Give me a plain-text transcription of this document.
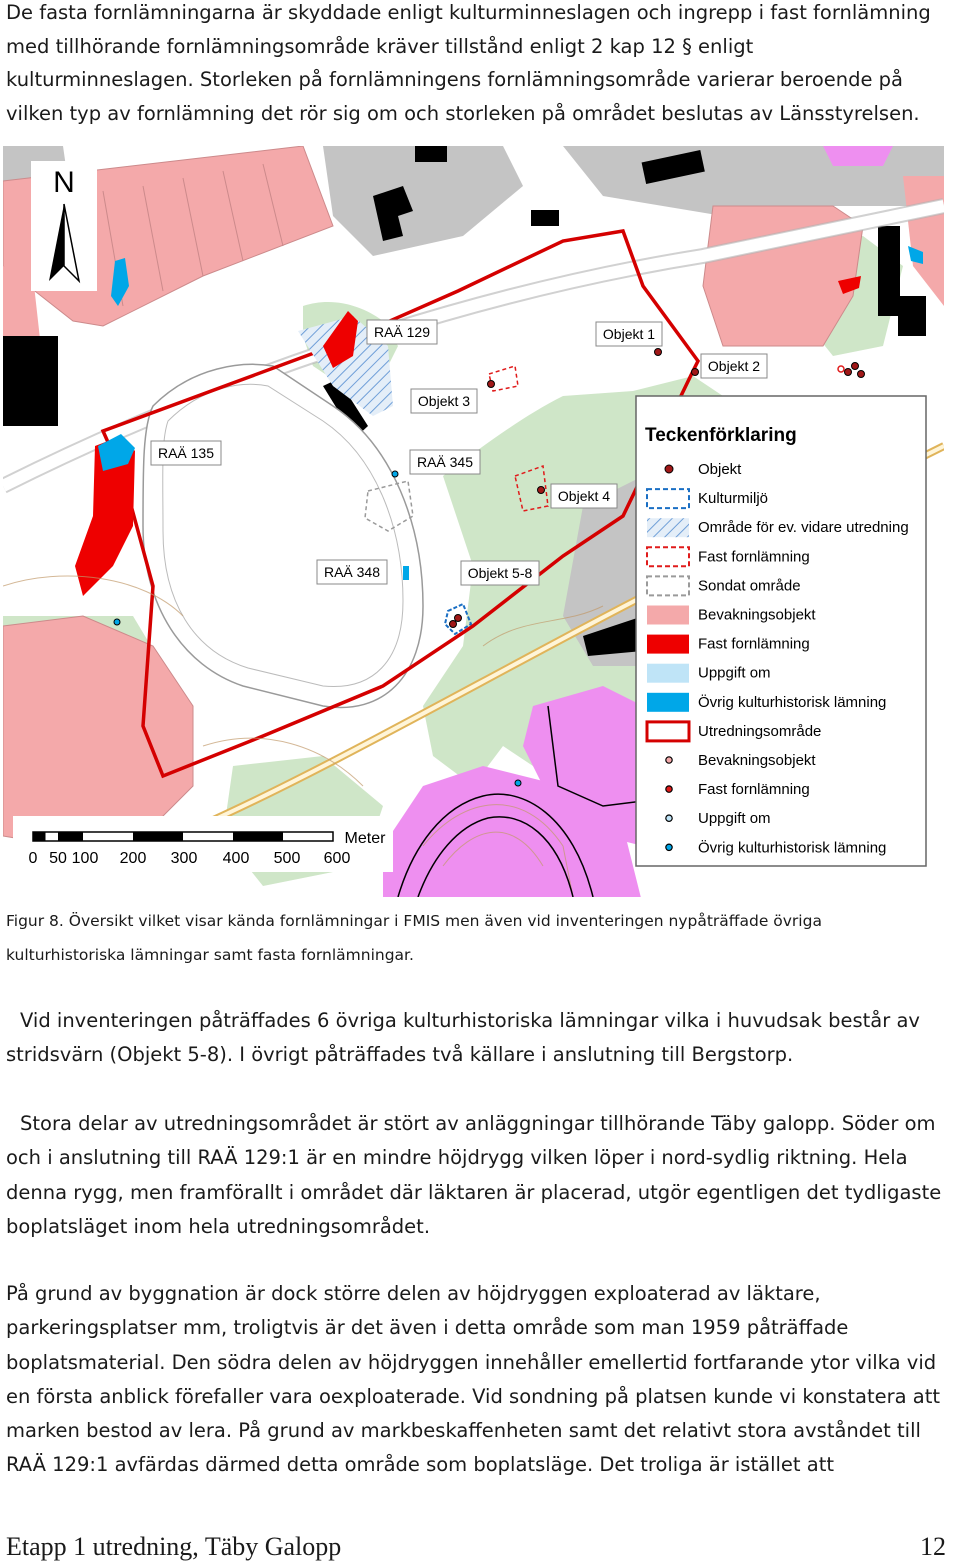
De fasta fornlämningarna är skyddade enligt kulturminneslagen och ingrepp i fast fornlämning med tillhörande fornlämningsområde kräver tillstånd enligt 2 kap 12 § enligt kulturminneslagen. Storleken på fornlämningens fornlämningsområde varierar beroende på vilken typ av fornlämning det rör sig om och storleken på området beslutas av Länsstyrelsen.

N
RAÄ 129	Objekt 1
Objekt 2
Objekt 3
RAÄ 135
RAÄ 345
Objekt 4
RAÄ 348	Objekt 5-8
Meter
0 50 100 200 300 400 500 600
Teckenförklaring
Objekt
Kulturmiljö
Område för ev. vidare utredning
Fast fornlämning
Sondat område
Bevakningsobjekt
Fast fornlämning
Uppgift om
Övrig kulturhistorisk lämning
Utredningsområde
Bevakningsobjekt
Fast fornlämning
Uppgift om
Övrig kulturhistorisk lämning

Figur 8. Översikt vilket visar kända fornlämningar i FMIS men även vid inventeringen nypåträffade övriga kulturhistoriska lämningar samt fasta fornlämningar.

Vid inventeringen påträffades 6 övriga kulturhistoriska lämningar vilka i huvudsak består av stridsvärn (Objekt 5-8). I övrigt påträffades två källare i anslutning till Bergstorp.

Stora delar av utredningsområdet är stört av anläggningar tillhörande Täby galopp. Söder om och i anslutning till RAÄ 129:1 är en mindre höjdrygg vilken löper i nord-sydlig riktning. Hela denna rygg, men framförallt i området där läktaren är placerad, utgör egentligen det tydligaste boplatsläget inom hela utredningsområdet.

På grund av byggnation är dock större delen av höjdryggen exploaterad av läktare, parkeringsplatser mm, troligtvis är det även i detta område som man 1959 påträffade boplatsmaterial. Den södra delen av höjdryggen innehåller emellertid fortfarande ytor vilka vid en första anblick förefaller vara oexploaterade. Vid sondning på platsen kunde vi konstatera att marken bestod av lera. På grund av markbeskaffenheten samt det relativt stora avståndet till RAÄ 129:1 avfärdas därmed detta område som boplatsläge. Det troliga är istället att

Etapp 1 utredning, Täby Galopp	12
